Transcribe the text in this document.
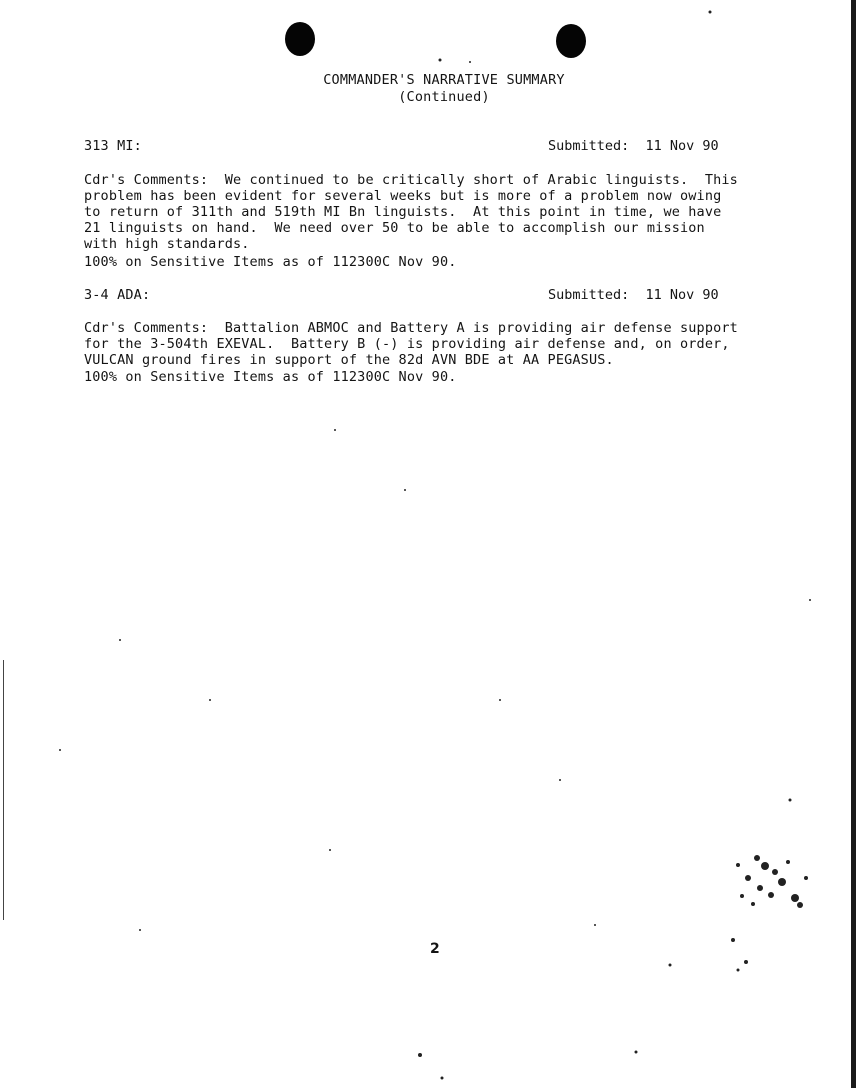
COMMANDER'S NARRATIVE SUMMARY
(Continued)
313 MI:	Submitted:  11 Nov 90
Cdr's Comments:  We continued to be critically short of Arabic linguists.  This
problem has been evident for several weeks but is more of a problem now owing
to return of 311th and 519th MI Bn linguists.  At this point in time, we have
21 linguists on hand.  We need over 50 to be able to accomplish our mission
with high standards.
100% on Sensitive Items as of 112300C Nov 90.
3-4 ADA:	Submitted:  11 Nov 90
Cdr's Comments:  Battalion ABMOC and Battery A is providing air defense support
for the 3-504th EXEVAL.  Battery B (-) is providing air defense and, on order,
VULCAN ground fires in support of the 82d AVN BDE at AA PEGASUS.
100% on Sensitive Items as of 112300C Nov 90.
2
